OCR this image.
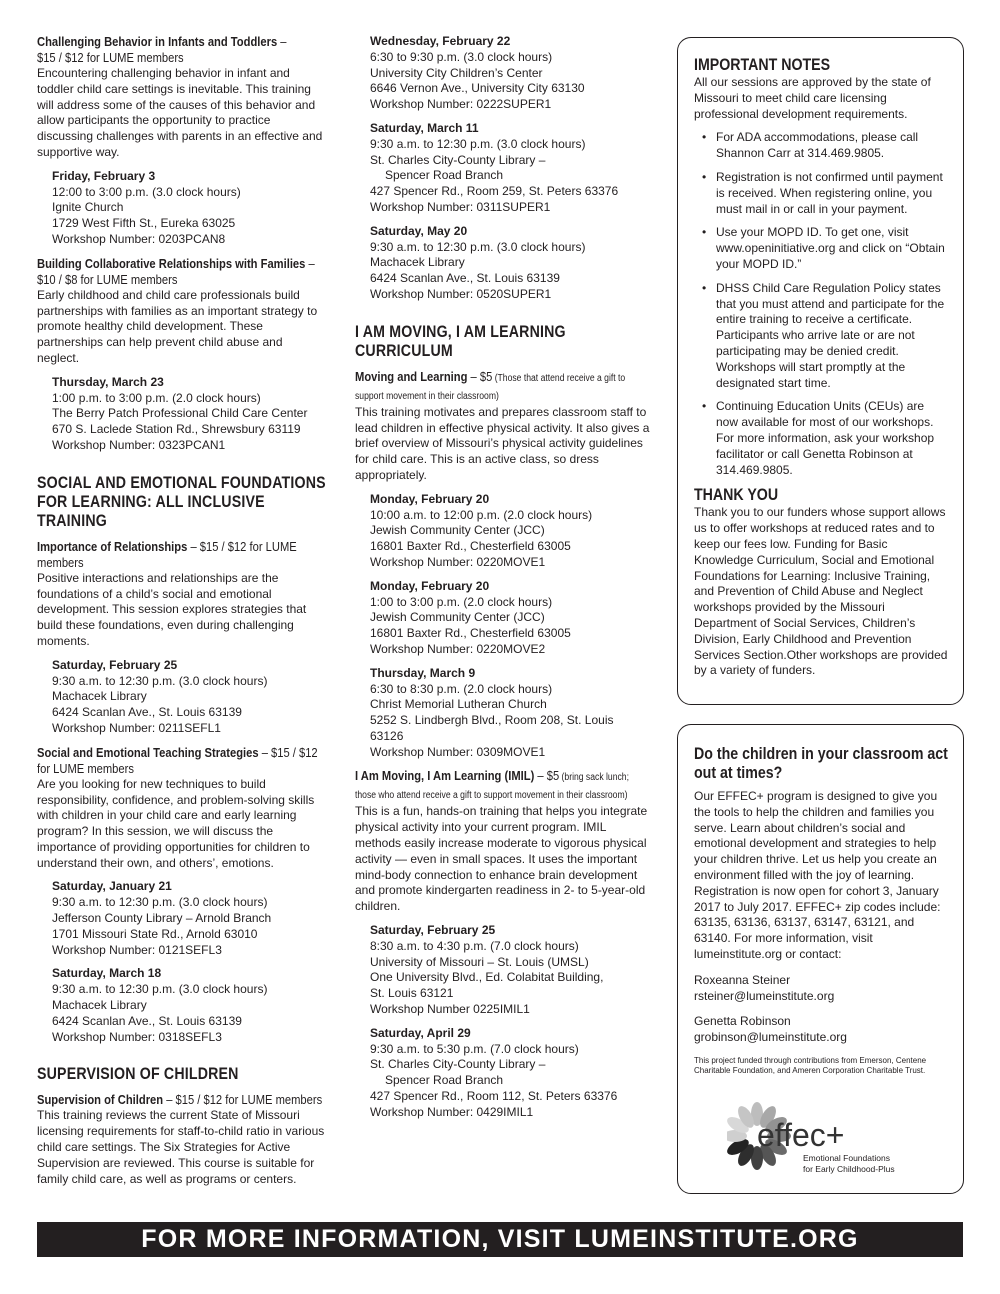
Challenging Behavior in Infants and Toddlers –
$15 / $12 for LUME members

Encountering challenging behavior in infant and toddler child care settings is inevitable. This training will address some of the causes of this behavior and allow participants the opportunity to practice discussing challenges with parents in an effective and supportive way.

Friday, February 3
12:00 to 3:00 p.m. (3.0 clock hours)
Ignite Church
1729 West Fifth St., Eureka 63025
Workshop Number: 0203PCAN8
Building Collaborative Relationships with Families – $10 / $8 for LUME members

Early childhood and child care professionals build partnerships with families as an important strategy to promote healthy child development. These partnerships can help prevent child abuse and neglect.

Thursday, March 23
1:00 p.m. to 3:00 p.m. (2.0 clock hours)
The Berry Patch Professional Child Care Center
670 S. Laclede Station Rd., Shrewsbury 63119
Workshop Number: 0323PCAN1
SOCIAL AND EMOTIONAL FOUNDATIONS FOR LEARNING: ALL INCLUSIVE TRAINING
Importance of Relationships – $15 / $12 for LUME members

Positive interactions and relationships are the foundations of a child’s social and emotional development. This session explores strategies that build these foundations, even during challenging moments.

Saturday, February 25
9:30 a.m. to 12:30 p.m. (3.0 clock hours)
Machacek Library
6424 Scanlan Ave., St. Louis 63139
Workshop Number: 0211SEFL1
Social and Emotional Teaching Strategies – $15 / $12 for LUME members

Are you looking for new techniques to build responsibility, confidence, and problem-solving skills with children in your child care and early learning program? In this session, we will discuss the importance of providing opportunities for children to understand their own, and others’, emotions.

Saturday, January 21
9:30 a.m. to 12:30 p.m. (3.0 clock hours)
Jefferson County Library – Arnold Branch
1701 Missouri State Rd., Arnold 63010
Workshop Number: 0121SEFL3
Saturday, March 18
9:30 a.m. to 12:30 p.m. (3.0 clock hours)
Machacek Library
6424 Scanlan Ave., St. Louis 63139
Workshop Number: 0318SEFL3
SUPERVISION OF CHILDREN
Supervision of Children – $15 / $12 for LUME members

This training reviews the current State of Missouri licensing requirements for staff-to-child ratio in various child care settings. The Six Strategies for Active Supervision are reviewed. This course is suitable for family child care, as well as programs or centers.

Wednesday, February 22
6:30 to 9:30 p.m. (3.0 clock hours)
University City Children’s Center
6646 Vernon Ave., University City 63130
Workshop Number: 0222SUPER1
Saturday, March 11
9:30 a.m. to 12:30 p.m. (3.0 clock hours)
St. Charles City-County Library –
Spencer Road Branch
427 Spencer Rd., Room 259, St. Peters 63376
Workshop Number: 0311SUPER1
Saturday, May 20
9:30 a.m. to 12:30 p.m. (3.0 clock hours)
Machacek Library
6424 Scanlan Ave., St. Louis 63139
Workshop Number: 0520SUPER1
I AM MOVING, I AM LEARNING CURRICULUM
Moving and Learning – $5 (Those that attend receive a gift to support movement in their classroom)

This training motivates and prepares classroom staff to lead children in effective physical activity. It also gives a brief overview of Missouri’s physical activity guidelines for child care. This is an active class, so dress appropriately.

Monday, February 20
10:00 a.m. to 12:00 p.m. (2.0 clock hours)
Jewish Community Center (JCC)
16801 Baxter Rd., Chesterfield 63005
Workshop Number: 0220MOVE1
Monday, February 20
1:00 to 3:00 p.m. (2.0 clock hours)
Jewish Community Center (JCC)
16801 Baxter Rd., Chesterfield 63005
Workshop Number: 0220MOVE2
Thursday, March 9
6:30 to 8:30 p.m. (2.0 clock hours)
Christ Memorial Lutheran Church
5252 S. Lindbergh Blvd., Room 208, St. Louis 63126
Workshop Number: 0309MOVE1
I Am Moving, I Am Learning (IMIL) – $5 (bring sack lunch; those who attend receive a gift to support movement in their classroom)

This is a fun, hands-on training that helps you integrate physical activity into your current program. IMIL methods easily increase moderate to vigorous physical activity — even in small spaces. It uses the important mind-body connection to enhance brain development and promote kindergarten readiness in 2- to 5-year-old children.

Saturday, February 25
8:30 a.m. to 4:30 p.m. (7.0 clock hours)
University of Missouri – St. Louis (UMSL)
One University Blvd., Ed. Colabitat Building,
St. Louis 63121
Workshop Number 0225IMIL1
Saturday, April 29
9:30 a.m. to 5:30 p.m. (7.0 clock hours)
St. Charles City-County Library –
Spencer Road Branch
427 Spencer Rd., Room 112, St. Peters 63376
Workshop Number: 0429IMIL1
IMPORTANT NOTES
All our sessions are approved by the state of Missouri to meet child care licensing professional development requirements.
• For ADA accommodations, please call Shannon Carr at 314.469.9805.
• Registration is not confirmed until payment is received. When registering online, you must mail in or call in your payment.
• Use your MOPD ID. To get one, visit www.openinitiative.org and click on “Obtain your MOPD ID.”
• DHSS Child Care Regulation Policy states that you must attend and participate for the entire training to receive a certificate. Participants who arrive late or are not participating may be denied credit. Workshops will start promptly at the designated start time.
• Continuing Education Units (CEUs) are now available for most of our workshops. For more information, ask your workshop facilitator or call Genetta Robinson at 314.469.9805.
THANK YOU
Thank you to our funders whose support allows us to offer workshops at reduced rates and to keep our fees low. Funding for Basic Knowledge Curriculum, Social and Emotional Foundations for Learning: Inclusive Training, and Prevention of Child Abuse and Neglect workshops provided by the Missouri Department of Social Services, Children’s Division, Early Childhood and Prevention Services Section.Other workshops are provided by a variety of funders.
Do the children in your classroom act out at times?
Our EFFEC+ program is designed to give you the tools to help the children and families you serve. Learn about children’s social and emotional development and strategies to help your children thrive. Let us help you create an environment filled with the joy of learning. Registration is now open for cohort 3, January 2017 to July 2017. EFFEC+ zip codes include: 63135, 63136, 63137, 63147, 63121, and 63140. For more information, visit lumeinstitute.org or contact:
Roxeanna Steiner
rsteiner@lumeinstitute.org
Genetta Robinson
grobinson@lumeinstitute.org
This project funded through contributions from Emerson, Centene Charitable Foundation, and Ameren Corporation Charitable Trust.
effec+
Emotional Foundations
for Early Childhood-Plus
FOR MORE INFORMATION, VISIT LUMEINSTITUTE.ORG
